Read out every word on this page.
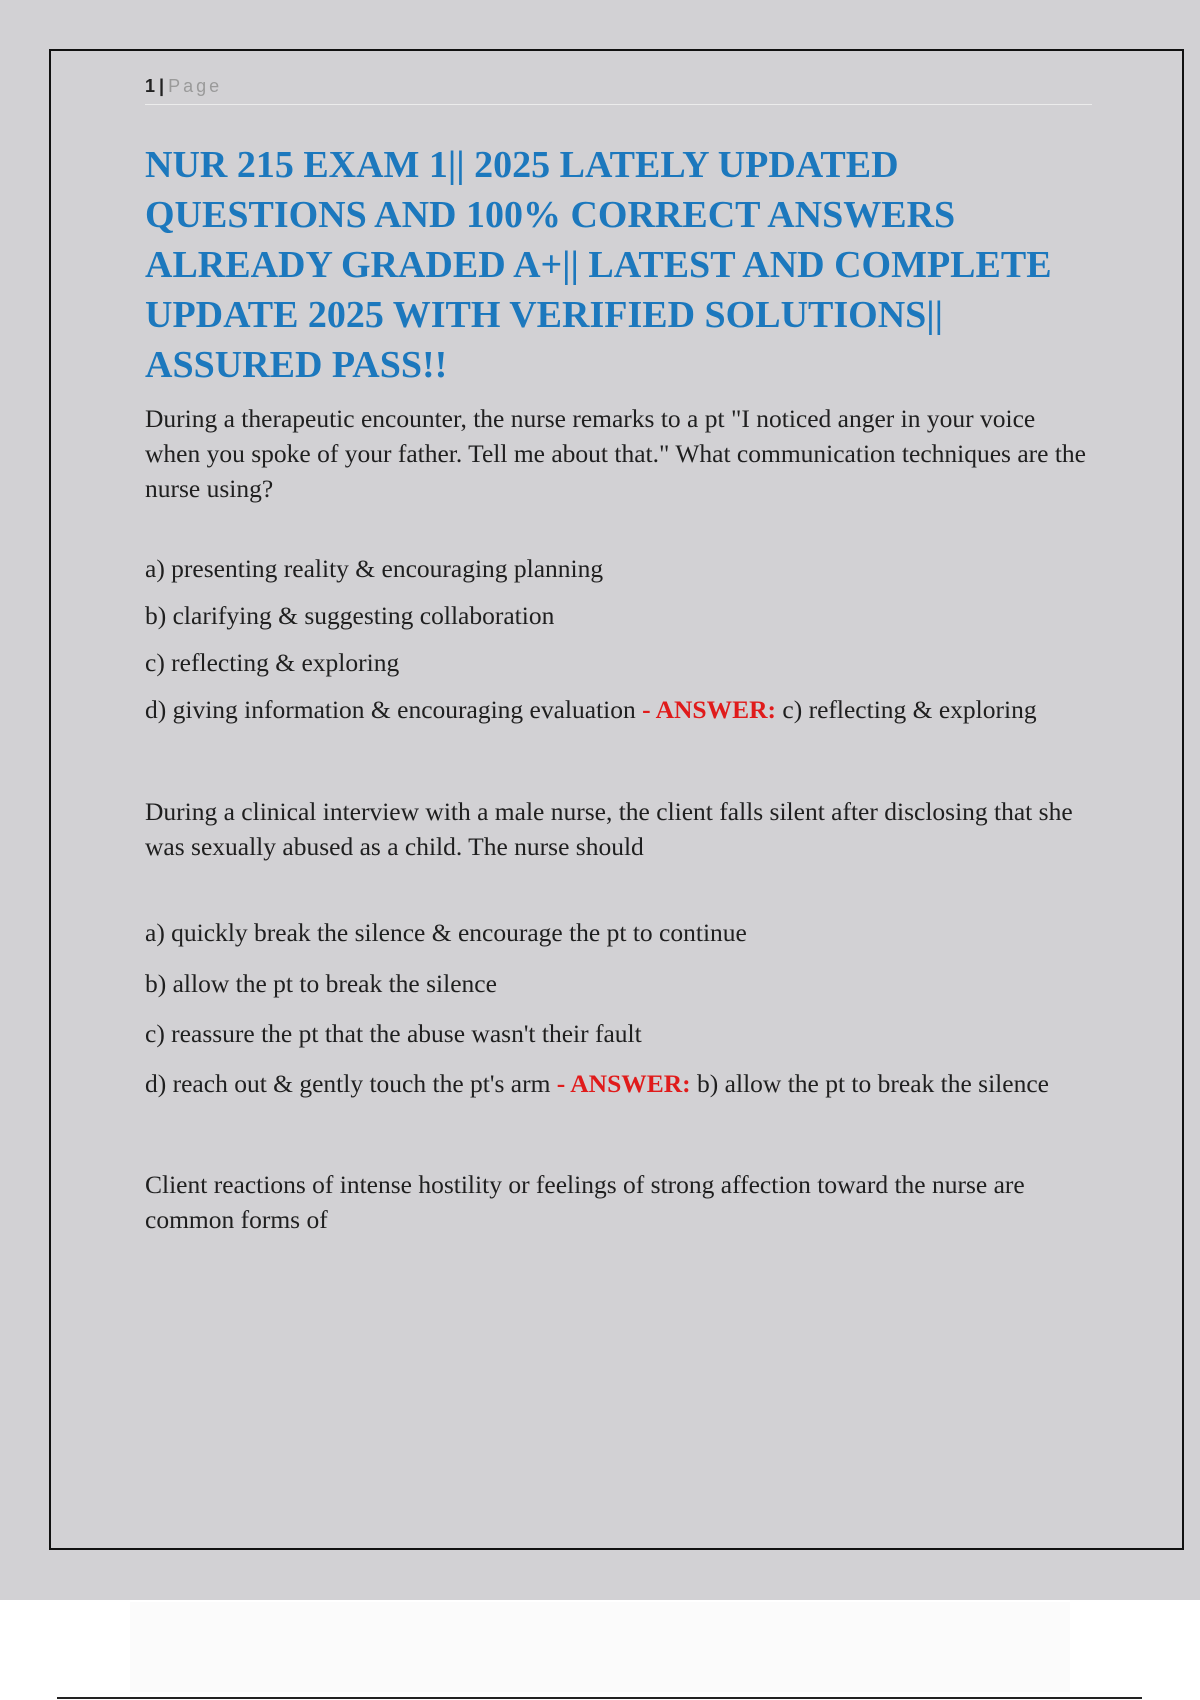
1 | Page
NUR 215 EXAM 1|| 2025 LATELY UPDATED QUESTIONS AND 100% CORRECT ANSWERS ALREADY GRADED A+|| LATEST AND COMPLETE UPDATE 2025 WITH VERIFIED SOLUTIONS|| ASSURED PASS!!

During a therapeutic encounter, the nurse remarks to a pt "I noticed anger in your voice when you spoke of your father. Tell me about that." What communication techniques are the nurse using?

a) presenting reality & encouraging planning

b) clarifying & suggesting collaboration

c) reflecting & exploring

d) giving information & encouraging evaluation - ANSWER: c) reflecting & exploring

During a clinical interview with a male nurse, the client falls silent after disclosing that she was sexually abused as a child. The nurse should

a) quickly break the silence & encourage the pt to continue

b) allow the pt to break the silence

c) reassure the pt that the abuse wasn't their fault

d) reach out & gently touch the pt's arm - ANSWER: b) allow the pt to break the silence

Client reactions of intense hostility or feelings of strong affection toward the nurse are common forms of
